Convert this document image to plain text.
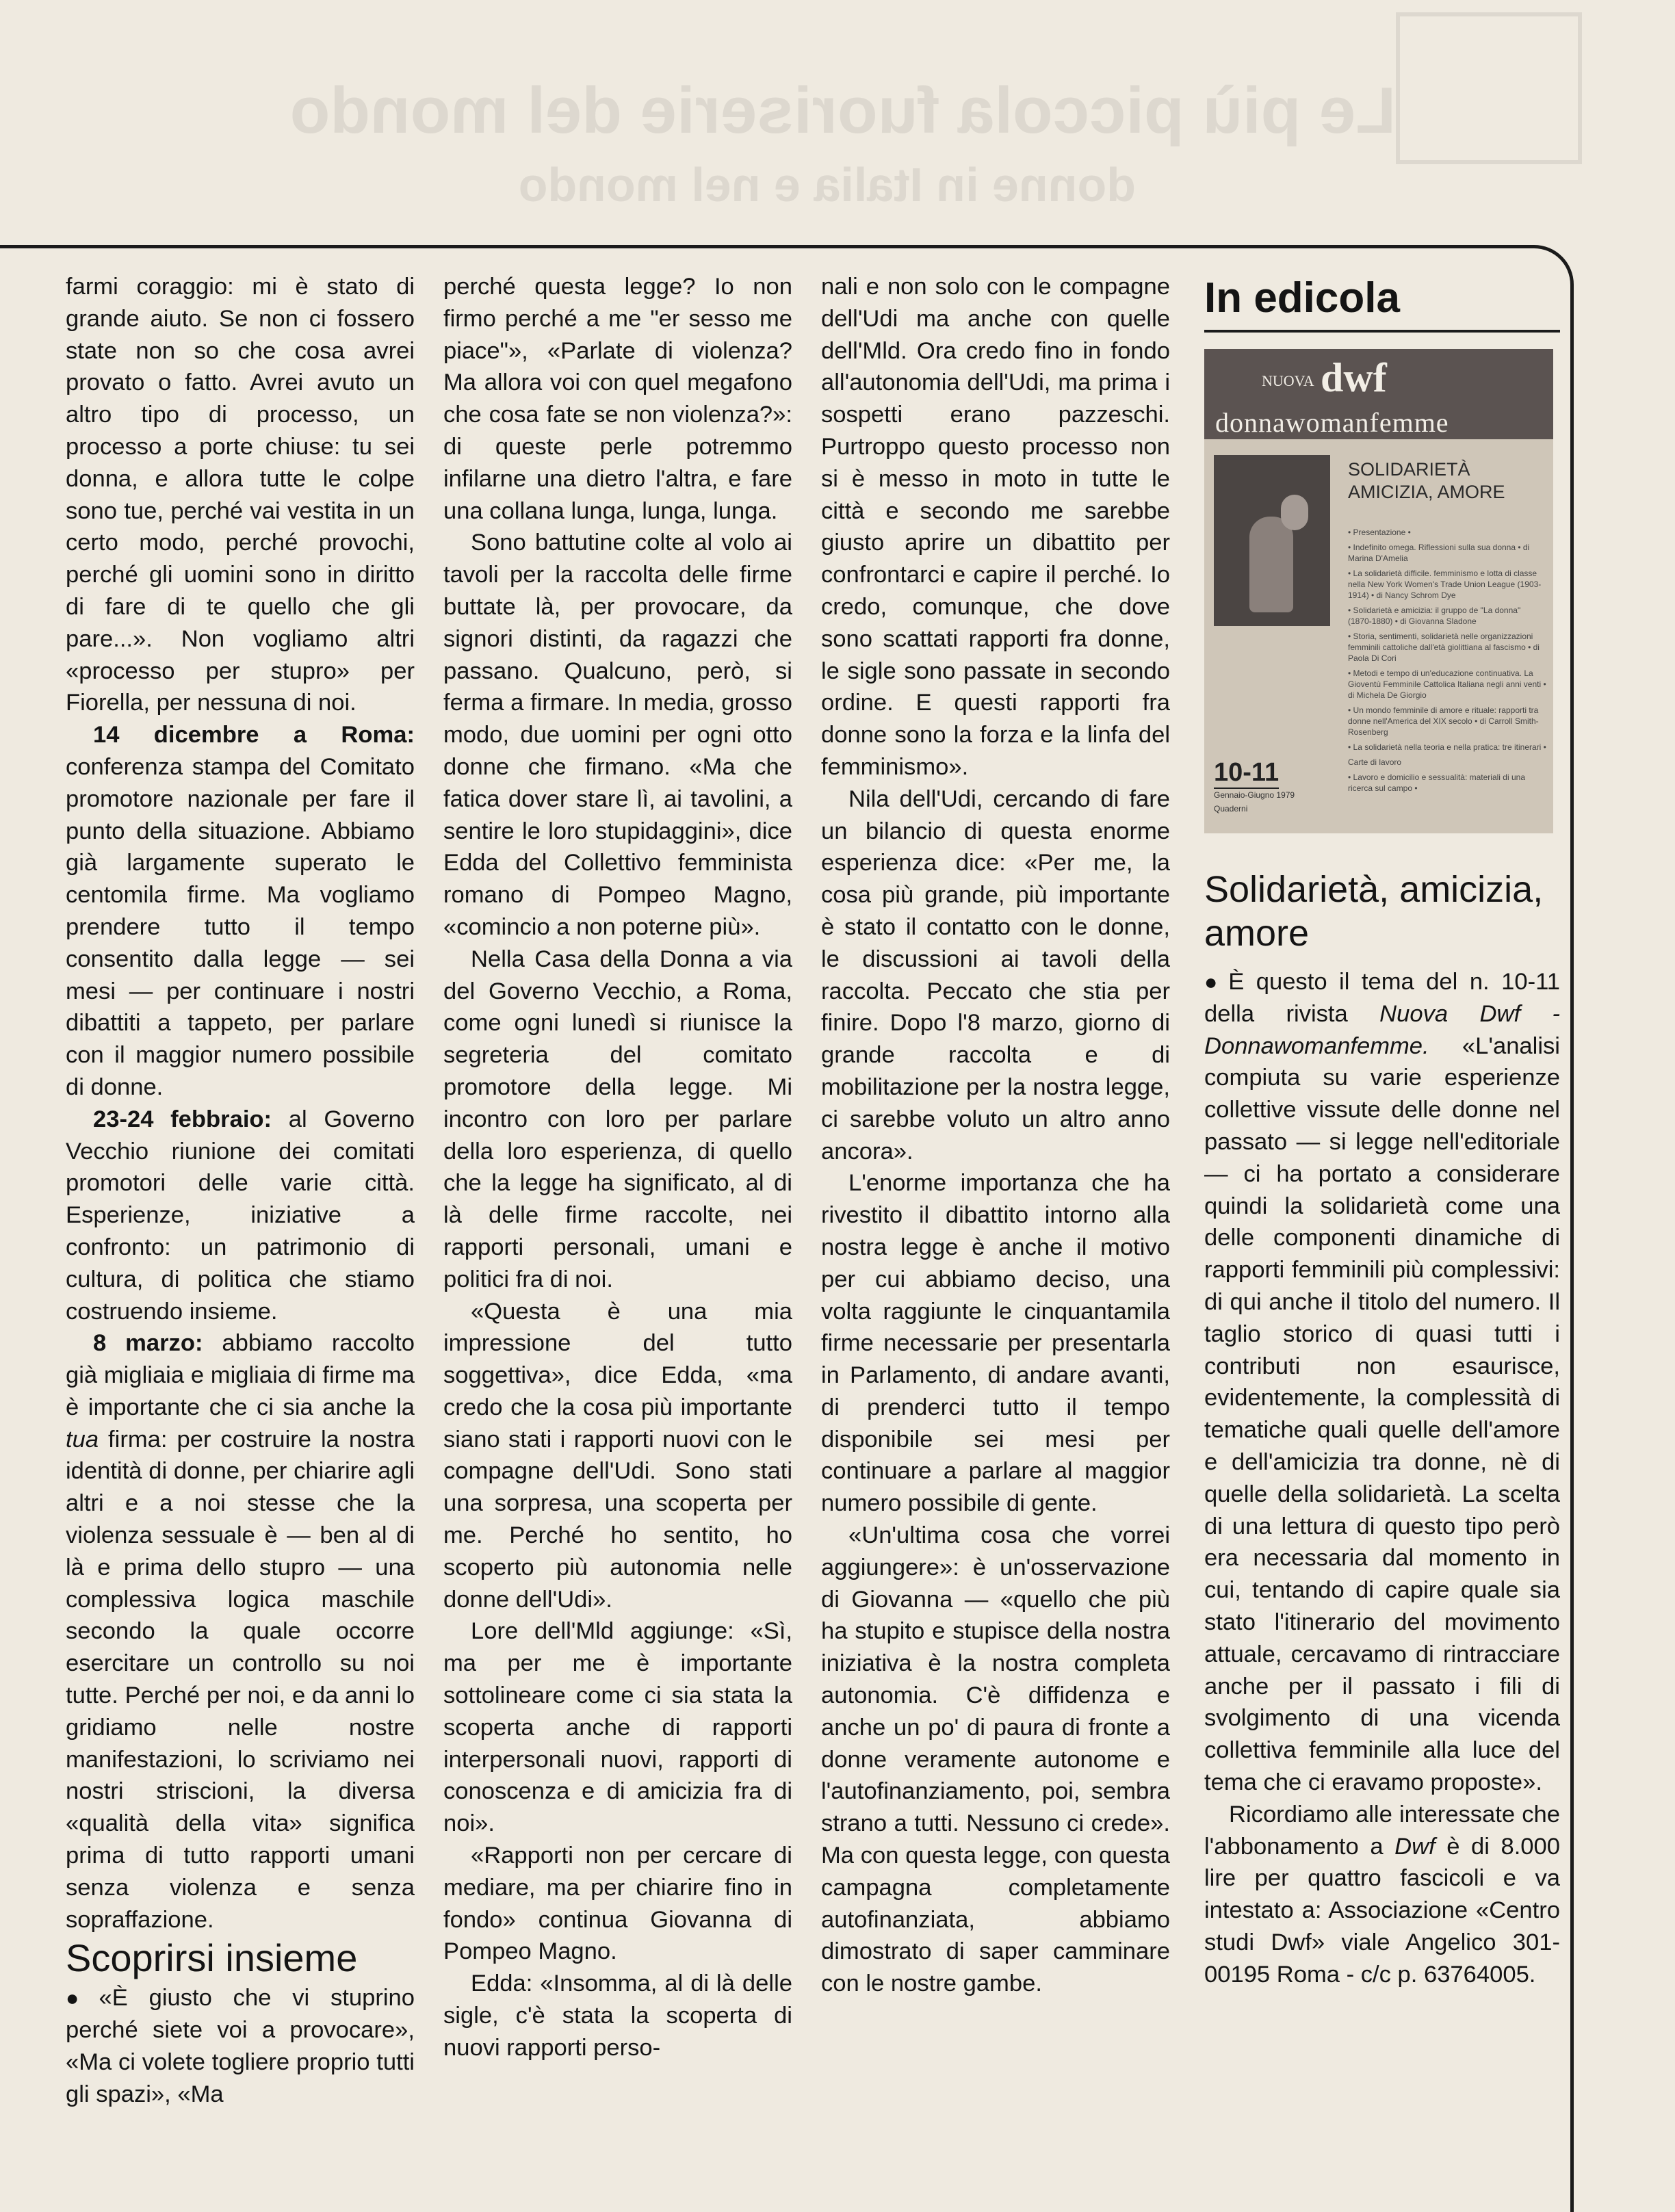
Le più piccola fuoriserie del mondo
donne in Italia e nel mondo

farmi coraggio: mi è stato di grande aiuto. Se non ci fossero state non so che cosa avrei provato o fatto. Avrei avuto un altro tipo di processo, un processo a porte chiuse: tu sei donna, e allora tutte le colpe sono tue, perché vai vestita in un certo modo, perché provochi, perché gli uomini sono in diritto di fare di te quello che gli pare...». Non vogliamo altri «processo per stupro» per Fiorella, per nessuna di noi.

14 dicembre a Roma: conferenza stampa del Comitato promotore nazionale per fare il punto della situazione. Abbiamo già largamente superato le centomila firme. Ma vogliamo prendere tutto il tempo consentito dalla legge — sei mesi — per continuare i nostri dibattiti a tappeto, per parlare con il maggior numero possibile di donne.

23-24 febbraio: al Governo Vecchio riunione dei comitati promotori delle varie città. Esperienze, iniziative a confronto: un patrimonio di cultura, di politica che stiamo costruendo insieme.

8 marzo: abbiamo raccolto già migliaia e migliaia di firme ma è importante che ci sia anche la tua firma: per costruire la nostra identità di donne, per chiarire agli altri e a noi stesse che la violenza sessuale è — ben al di là e prima dello stupro — una complessiva logica maschile secondo la quale occorre esercitare un controllo su noi tutte. Perché per noi, e da anni lo gridiamo nelle nostre manifestazioni, lo scriviamo nei nostri striscioni, la diversa «qualità della vita» significa prima di tutto rapporti umani senza violenza e senza sopraffazione.

Scoprirsi insieme

● «È giusto che vi stuprino perché siete voi a provocare», «Ma ci volete togliere proprio tutti gli spazi», «Ma

perché questa legge? Io non firmo perché a me "er sesso me piace"», «Parlate di violenza? Ma allora voi con quel megafono che cosa fate se non violenza?»: di queste perle potremmo infilarne una dietro l'altra, e fare una collana lunga, lunga, lunga.

Sono battutine colte al volo ai tavoli per la raccolta delle firme buttate là, per provocare, da signori distinti, da ragazzi che passano. Qualcuno, però, si ferma a firmare. In media, grosso modo, due uomini per ogni otto donne che firmano. «Ma che fatica dover stare lì, ai tavolini, a sentire le loro stupidaggini», dice Edda del Collettivo femminista romano di Pompeo Magno, «comincio a non poterne più».

Nella Casa della Donna a via del Governo Vecchio, a Roma, come ogni lunedì si riunisce la segreteria del comitato promotore della legge. Mi incontro con loro per parlare della loro esperienza, di quello che la legge ha significato, al di là delle firme raccolte, nei rapporti personali, umani e politici fra di noi.

«Questa è una mia impressione del tutto soggettiva», dice Edda, «ma credo che la cosa più importante siano stati i rapporti nuovi con le compagne dell'Udi. Sono stati una sorpresa, una scoperta per me. Perché ho sentito, ho scoperto più autonomia nelle donne dell'Udi».

Lore dell'Mld aggiunge: «Sì, ma per me è importante sottolineare come ci sia stata la scoperta anche di rapporti interpersonali nuovi, rapporti di conoscenza e di amicizia fra di noi».

«Rapporti non per cercare di mediare, ma per chiarire fino in fondo» continua Giovanna di Pompeo Magno.

Edda: «Insomma, al di là delle sigle, c'è stata la scoperta di nuovi rapporti perso-

nali e non solo con le compagne dell'Udi ma anche con quelle dell'Mld. Ora credo fino in fondo all'autonomia dell'Udi, ma prima i sospetti erano pazzeschi. Purtroppo questo processo non si è messo in moto in tutte le città e secondo me sarebbe giusto aprire un dibattito per confrontarci e capire il perché. Io credo, comunque, che dove sono scattati rapporti fra donne, le sigle sono passate in secondo ordine. E questi rapporti fra donne sono la forza e la linfa del femminismo».

Nila dell'Udi, cercando di fare un bilancio di questa enorme esperienza dice: «Per me, la cosa più grande, più importante è stato il contatto con le donne, le discussioni ai tavoli della raccolta. Peccato che stia per finire. Dopo l'8 marzo, giorno di grande raccolta e di mobilitazione per la nostra legge, ci sarebbe voluto un altro anno ancora».

L'enorme importanza che ha rivestito il dibattito intorno alla nostra legge è anche il motivo per cui abbiamo deciso, una volta raggiunte le cinquantamila firme necessarie per presentarla in Parlamento, di andare avanti, di prenderci tutto il tempo disponibile sei mesi per continuare a parlare al maggior numero possibile di gente.

«Un'ultima cosa che vorrei aggiungere»: è un'osservazione di Giovanna — «quello che più ha stupito e stupisce della nostra iniziativa è la nostra completa autonomia. C'è diffidenza e anche un po' di paura di fronte a donne veramente autonome e l'autofinanziamento, poi, sembra strano a tutti. Nessuno ci crede». Ma con questa legge, con questa campagna completamente autofinanziata, abbiamo dimostrato di saper camminare con le nostre gambe.

In edicola
NUOVA dwf
donnawomanfemme
SOLIDARIETÀ AMICIZIA, AMORE
• Presentazione •
• Indefinito omega. Riflessioni sulla sua donna • di Marina D'Amelia
• La solidarietà difficile. femminismo e lotta di classe nella New York Women's Trade Union League (1903-1914) • di Nancy Schrom Dye
• Solidarietà e amicizia: il gruppo de "La donna" (1870-1880) • di Giovanna Sladone
• Storia, sentimenti, solidarietà nelle organizzazioni femminili cattoliche dall'età giolittiana al fascismo • di Paola Di Cori
• Metodi e tempo di un'educazione continuativa. La Gioventù Femminile Cattolica Italiana negli anni venti • di Michela De Giorgio
• Un mondo femminile di amore e rituale: rapporti tra donne nell'America del XIX secolo • di Carroll Smith-Rosenberg
• La solidarietà nella teoria e nella pratica: tre itinerari •
Carte di lavoro
• Lavoro e domicilio e sessualità: materiali di una ricerca sul campo •
10-11
Gennaio-Giugno 1979
Quaderni
Solidarietà, amicizia, amore

● È questo il tema del n. 10-11 della rivista Nuova Dwf - Donnawomanfemme. «L'analisi compiuta su varie esperienze collettive vissute delle donne nel passato — si legge nell'editoriale — ci ha portato a considerare quindi la solidarietà come una delle componenti dinamiche di rapporti femminili più complessivi: di qui anche il titolo del numero. Il taglio storico di quasi tutti i contributi non esaurisce, evidentemente, la complessità di tematiche quali quelle dell'amore e dell'amicizia tra donne, nè di quelle della solidarietà. La scelta di una lettura di questo tipo però era necessaria dal momento in cui, tentando di capire quale sia stato l'itinerario del movimento attuale, cercavamo di rintracciare anche per il passato i fili di svolgimento di una vicenda collettiva femminile alla luce del tema che ci eravamo proposte».

Ricordiamo alle interessate che l'abbonamento a Dwf è di 8.000 lire per quattro fascicoli e va intestato a: Associazione «Centro studi Dwf» viale Angelico 301-00195 Roma - c/c p. 63764005.
